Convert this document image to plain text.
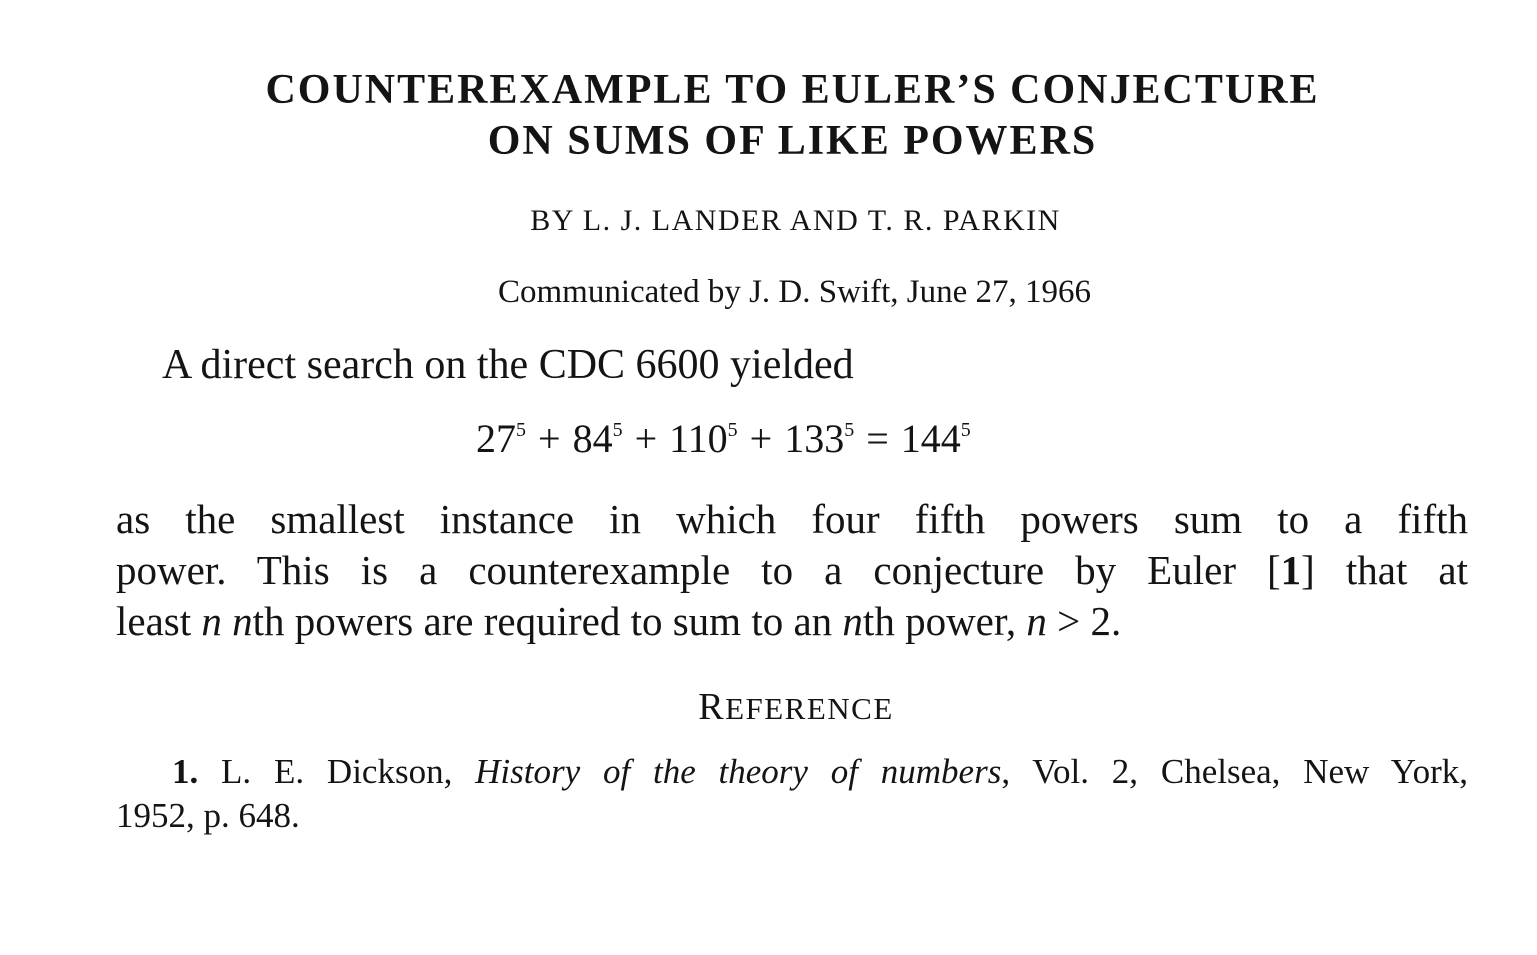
COUNTEREXAMPLE TO EULER’S CONJECTURE
ON SUMS OF LIKE POWERS
BY L. J. LANDER AND T. R. PARKIN
Communicated by J. D. Swift, June 27, 1966
A direct search on the CDC 6600 yielded
$27^5 + 84^5 + 110^5 + 133^5 = 144^5$
as the smallest instance in which four fifth powers sum to a fifth
power. This is a counterexample to a conjecture by Euler [1] that at
least n nth powers are required to sum to an nth power, n > 2.
REFERENCE
1. L. E. Dickson, History of the theory of numbers, Vol. 2, Chelsea, New York,
1952, p. 648.
